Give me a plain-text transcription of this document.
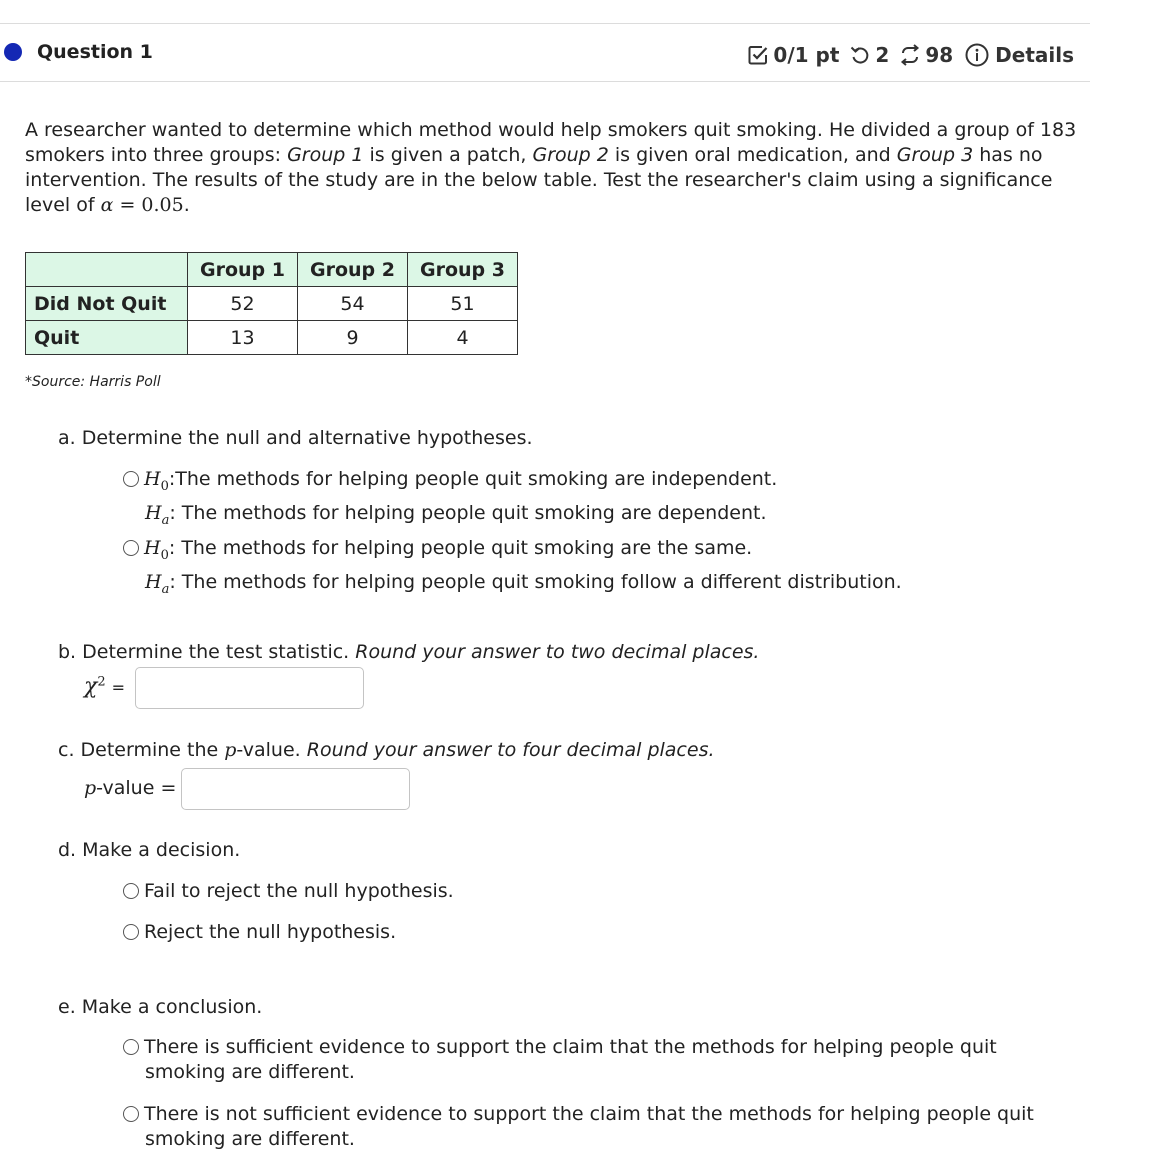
Question 1	0/1 pt 2 98 Details
A researcher wanted to determine which method would help smokers quit smoking. He divided a group of 183 smokers into three groups: Group 1 is given a patch, Group 2 is given oral medication, and Group 3 has no intervention. The results of the study are in the below table. Test the researcher's claim using a significance level of α = 0.05.
	Group 1	Group 2	Group 3
Did Not Quit	52	54	51
Quit	13	9	4
*Source: Harris Poll
a. Determine the null and alternative hypotheses.
$H_0:The$ methods for helping people quit smoking are independent.
$H_a$: The methods for helping people quit smoking are dependent.
$H_0$: The methods for helping people quit smoking are the same.
$H_a$: The methods for helping people quit smoking follow a different distribution.
b. Determine the test statistic. Round your answer to two decimal places.
$\chi^2$ =
c. Determine the p-value. Round your answer to four decimal places.
p-value =
d. Make a decision.
Fail to reject the null hypothesis.
Reject the null hypothesis.
e. Make a conclusion.
There is sufficient evidence to support the claim that the methods for helping people quit
smoking are different.
There is not sufficient evidence to support the claim that the methods for helping people quit
smoking are different.
